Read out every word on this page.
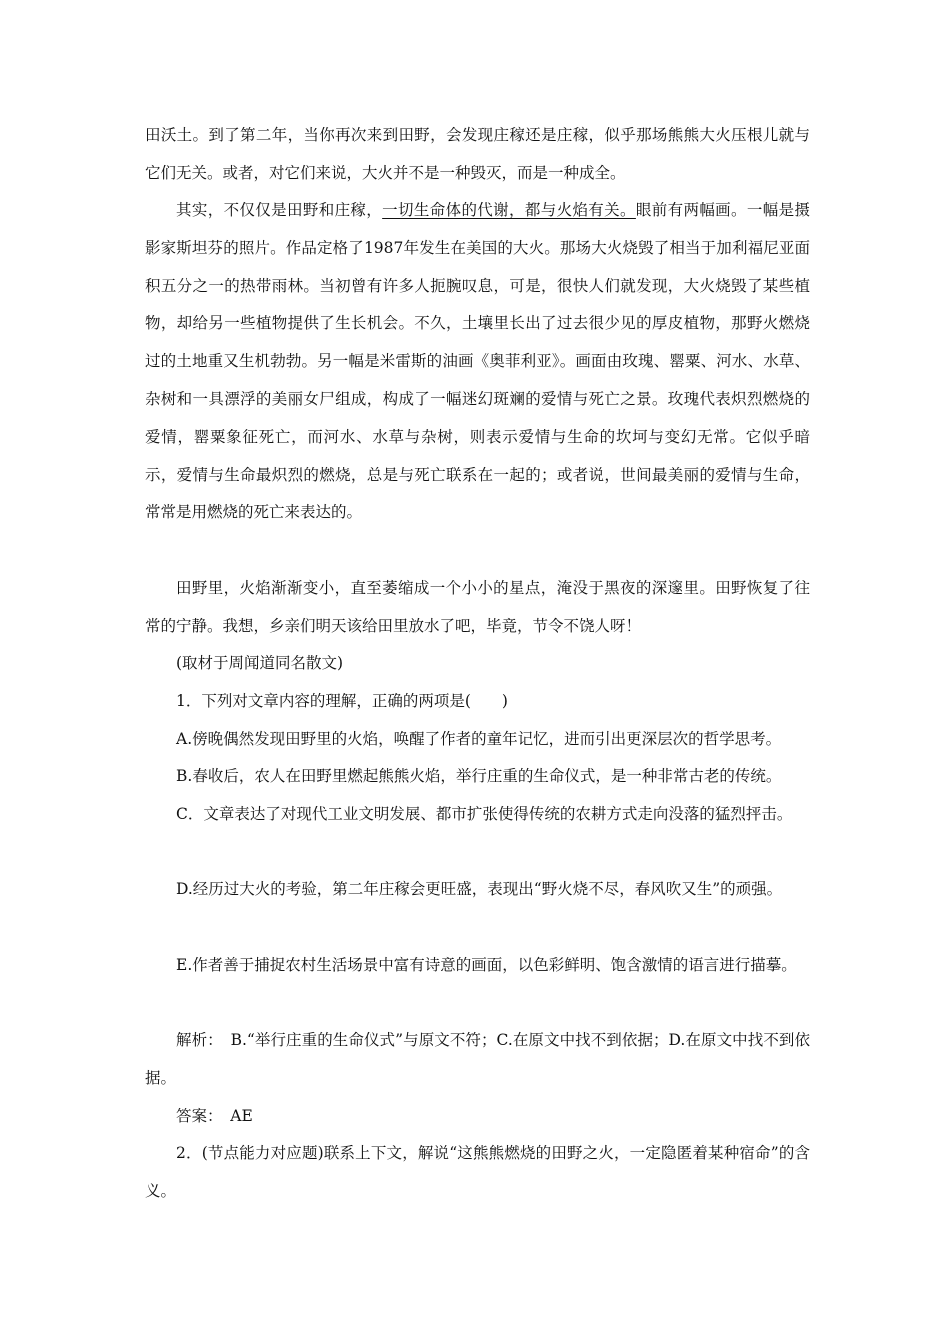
田沃土。到了第二年，当你再次来到田野，会发现庄稼还是庄稼，似乎那场熊熊大火压根儿就与它们无关。或者，对它们来说，大火并不是一种毁灭，而是一种成全。

其实，不仅仅是田野和庄稼，一切生命体的代谢，都与火焰有关。眼前有两幅画。一幅是摄影家斯坦芬的照片。作品定格了1987年发生在美国的大火。那场大火烧毁了相当于加利福尼亚面积五分之一的热带雨林。当初曾有许多人扼腕叹息，可是，很快人们就发现，大火烧毁了某些植物，却给另一些植物提供了生长机会。不久，土壤里长出了过去很少见的厚皮植物，那野火燃烧过的土地重又生机勃勃。另一幅是米雷斯的油画《奥菲利亚》。画面由玫瑰、罂粟、河水、水草、杂树和一具漂浮的美丽女尸组成，构成了一幅迷幻斑斓的爱情与死亡之景。玫瑰代表炽烈燃烧的爱情，罂粟象征死亡，而河水、水草与杂树，则表示爱情与生命的坎坷与变幻无常。它似乎暗示，爱情与生命最炽烈的燃烧，总是与死亡联系在一起的；或者说，世间最美丽的爱情与生命，常常是用燃烧的死亡来表达的。

田野里，火焰渐渐变小，直至萎缩成一个小小的星点，淹没于黑夜的深邃里。田野恢复了往常的宁静。我想，乡亲们明天该给田里放水了吧，毕竟，节令不饶人呀！

(取材于周闻道同名散文)

1．下列对文章内容的理解，正确的两项是(　　)

A.傍晚偶然发现田野里的火焰，唤醒了作者的童年记忆，进而引出更深层次的哲学思考。

B.春收后，农人在田野里燃起熊熊火焰，举行庄重的生命仪式，是一种非常古老的传统。

C．文章表达了对现代工业文明发展、都市扩张使得传统的农耕方式走向没落的猛烈抨击。

D.经历过大火的考验，第二年庄稼会更旺盛，表现出“野火烧不尽，春风吹又生”的顽强。

E.作者善于捕捉农村生活场景中富有诗意的画面，以色彩鲜明、饱含激情的语言进行描摹。

解析：　B.“举行庄重的生命仪式”与原文不符；C.在原文中找不到依据；D.在原文中找不到依据。

答案：　AE

2．(节点能力对应题)联系上下文，解说“这熊熊燃烧的田野之火，一定隐匿着某种宿命”的含义。
